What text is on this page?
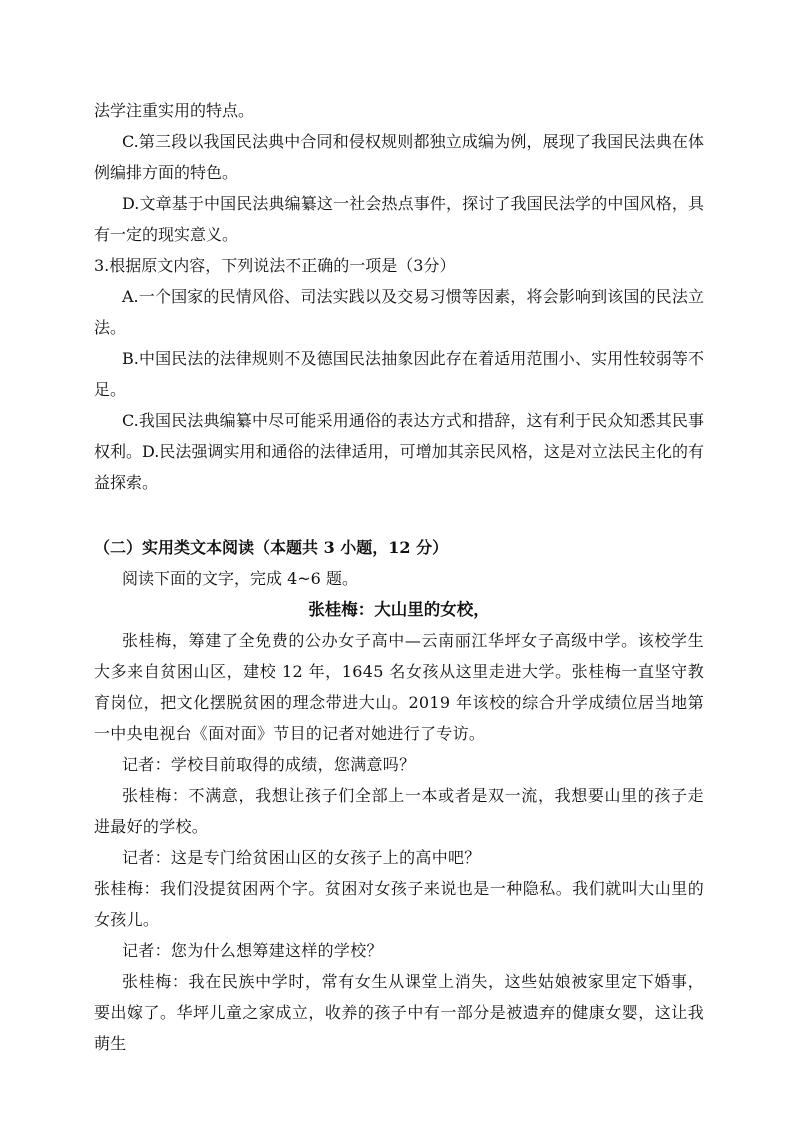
法学注重实用的特点。

C.第三段以我国民法典中合同和侵权规则都独立成编为例，展现了我国民法典在体例编排方面的特色。

D.文章基于中国民法典编纂这一社会热点事件，探讨了我国民法学的中国风格，具有一定的现实意义。

3.根据原文内容，下列说法不正确的一项是（3分）

A.一个国家的民情风俗、司法实践以及交易习惯等因素，将会影响到该国的民法立法。

B.中国民法的法律规则不及德国民法抽象因此存在着适用范围小、实用性较弱等不足。

C.我国民法典编纂中尽可能采用通俗的表达方式和措辞，这有利于民众知悉其民事权利。D.民法强调实用和通俗的法律适用，可增加其亲民风格，这是对立法民主化的有益探索。

（二）实用类文本阅读（本题共 3 小题，12 分）

阅读下面的文字，完成 4~6 题。

张桂梅：大山里的女校，

张桂梅，筹建了全免费的公办女子高中—云南丽江华坪女子高级中学。该校学生大多来自贫困山区，建校 12 年，1645 名女孩从这里走进大学。张桂梅一直坚守教育岗位，把文化摆脱贫困的理念带进大山。2019 年该校的综合升学成绩位居当地第一中央电视台《面对面》节目的记者对她进行了专访。

记者：学校目前取得的成绩，您满意吗？

张桂梅：不满意，我想让孩子们全部上一本或者是双一流，我想要山里的孩子走进最好的学校。

记者：这是专门给贫困山区的女孩子上的高中吧？

张桂梅：我们没提贫困两个字。贫困对女孩子来说也是一种隐私。我们就叫大山里的女孩儿。

记者：您为什么想筹建这样的学校？

张桂梅：我在民族中学时，常有女生从课堂上消失，这些姑娘被家里定下婚事，要出嫁了。华坪儿童之家成立，收养的孩子中有一部分是被遗弃的健康女婴，这让我萌生
